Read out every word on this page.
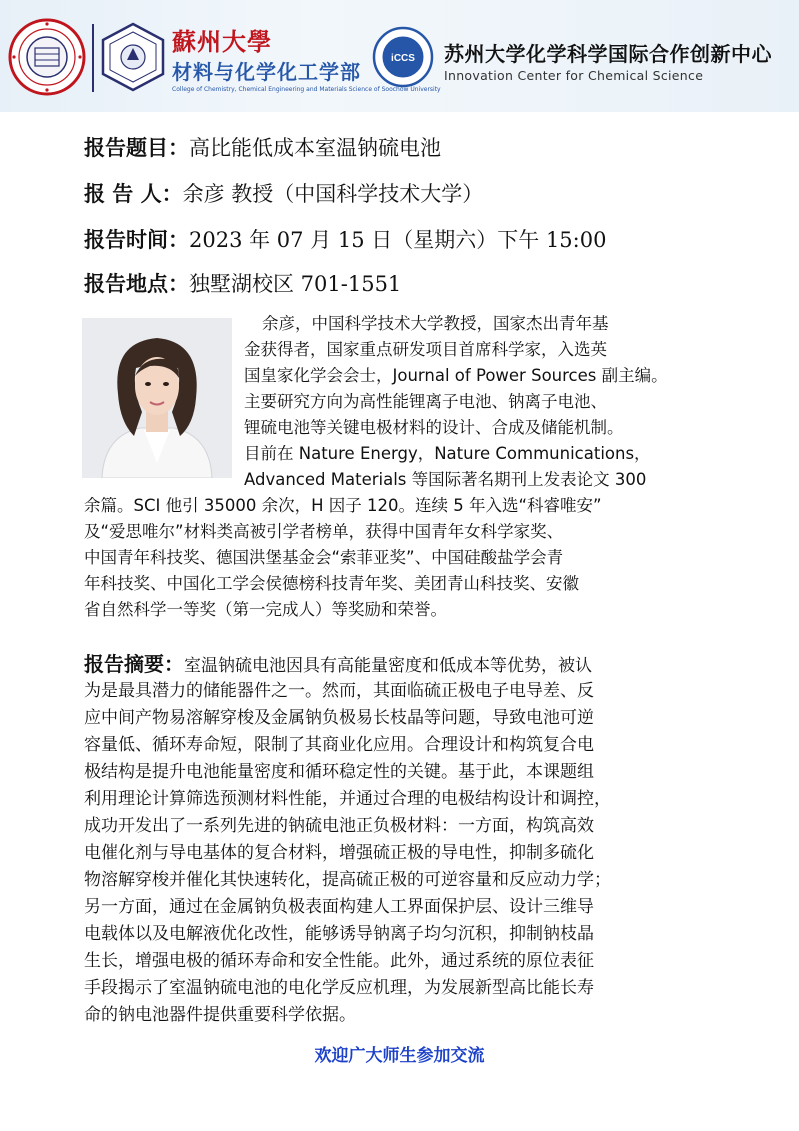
蘇州大學
材料与化学化工学部
College of Chemistry, Chemical Engineering and Materials Science of Soochow University
iCCS 苏州大学化学科学国际合作创新中心
Innovation Center for Chemical Science
报告题目：高比能低成本室温钠硫电池
报 告 人：余彦 教授（中国科学技术大学）
报告时间：2023 年 07 月 15 日（星期六）下午 15:00
报告地点：独墅湖校区 701-1551
余彦，中国科学技术大学教授，国家杰出青年基
金获得者，国家重点研发项目首席科学家，入选英
国皇家化学会会士，Journal of Power Sources 副主编。
主要研究方向为高性能锂离子电池、钠离子电池、
锂硫电池等关键电极材料的设计、合成及储能机制。
目前在 Nature Energy，Nature Communications，
Advanced Materials 等国际著名期刊上发表论文 300
余篇。SCI 他引 35000 余次，H 因子 120。连续 5 年入选“科睿唯安”
及“爱思唯尔”材料类高被引学者榜单，获得中国青年女科学家奖、
中国青年科技奖、德国洪堡基金会“索菲亚奖”、中国硅酸盐学会青
年科技奖、中国化工学会侯德榜科技青年奖、美团青山科技奖、安徽
省自然科学一等奖（第一完成人）等奖励和荣誉。
报告摘要：室温钠硫电池因具有高能量密度和低成本等优势，被认
为是最具潜力的储能器件之一。然而，其面临硫正极电子电导差、反
应中间产物易溶解穿梭及金属钠负极易长枝晶等问题，导致电池可逆
容量低、循环寿命短，限制了其商业化应用。合理设计和构筑复合电
极结构是提升电池能量密度和循环稳定性的关键。基于此，本课题组
利用理论计算筛选预测材料性能，并通过合理的电极结构设计和调控，
成功开发出了一系列先进的钠硫电池正负极材料：一方面，构筑高效
电催化剂与导电基体的复合材料，增强硫正极的导电性，抑制多硫化
物溶解穿梭并催化其快速转化，提高硫正极的可逆容量和反应动力学；
另一方面，通过在金属钠负极表面构建人工界面保护层、设计三维导
电载体以及电解液优化改性，能够诱导钠离子均匀沉积，抑制钠枝晶
生长，增强电极的循环寿命和安全性能。此外，通过系统的原位表征
手段揭示了室温钠硫电池的电化学反应机理，为发展新型高比能长寿
命的钠电池器件提供重要科学依据。
欢迎广大师生参加交流
